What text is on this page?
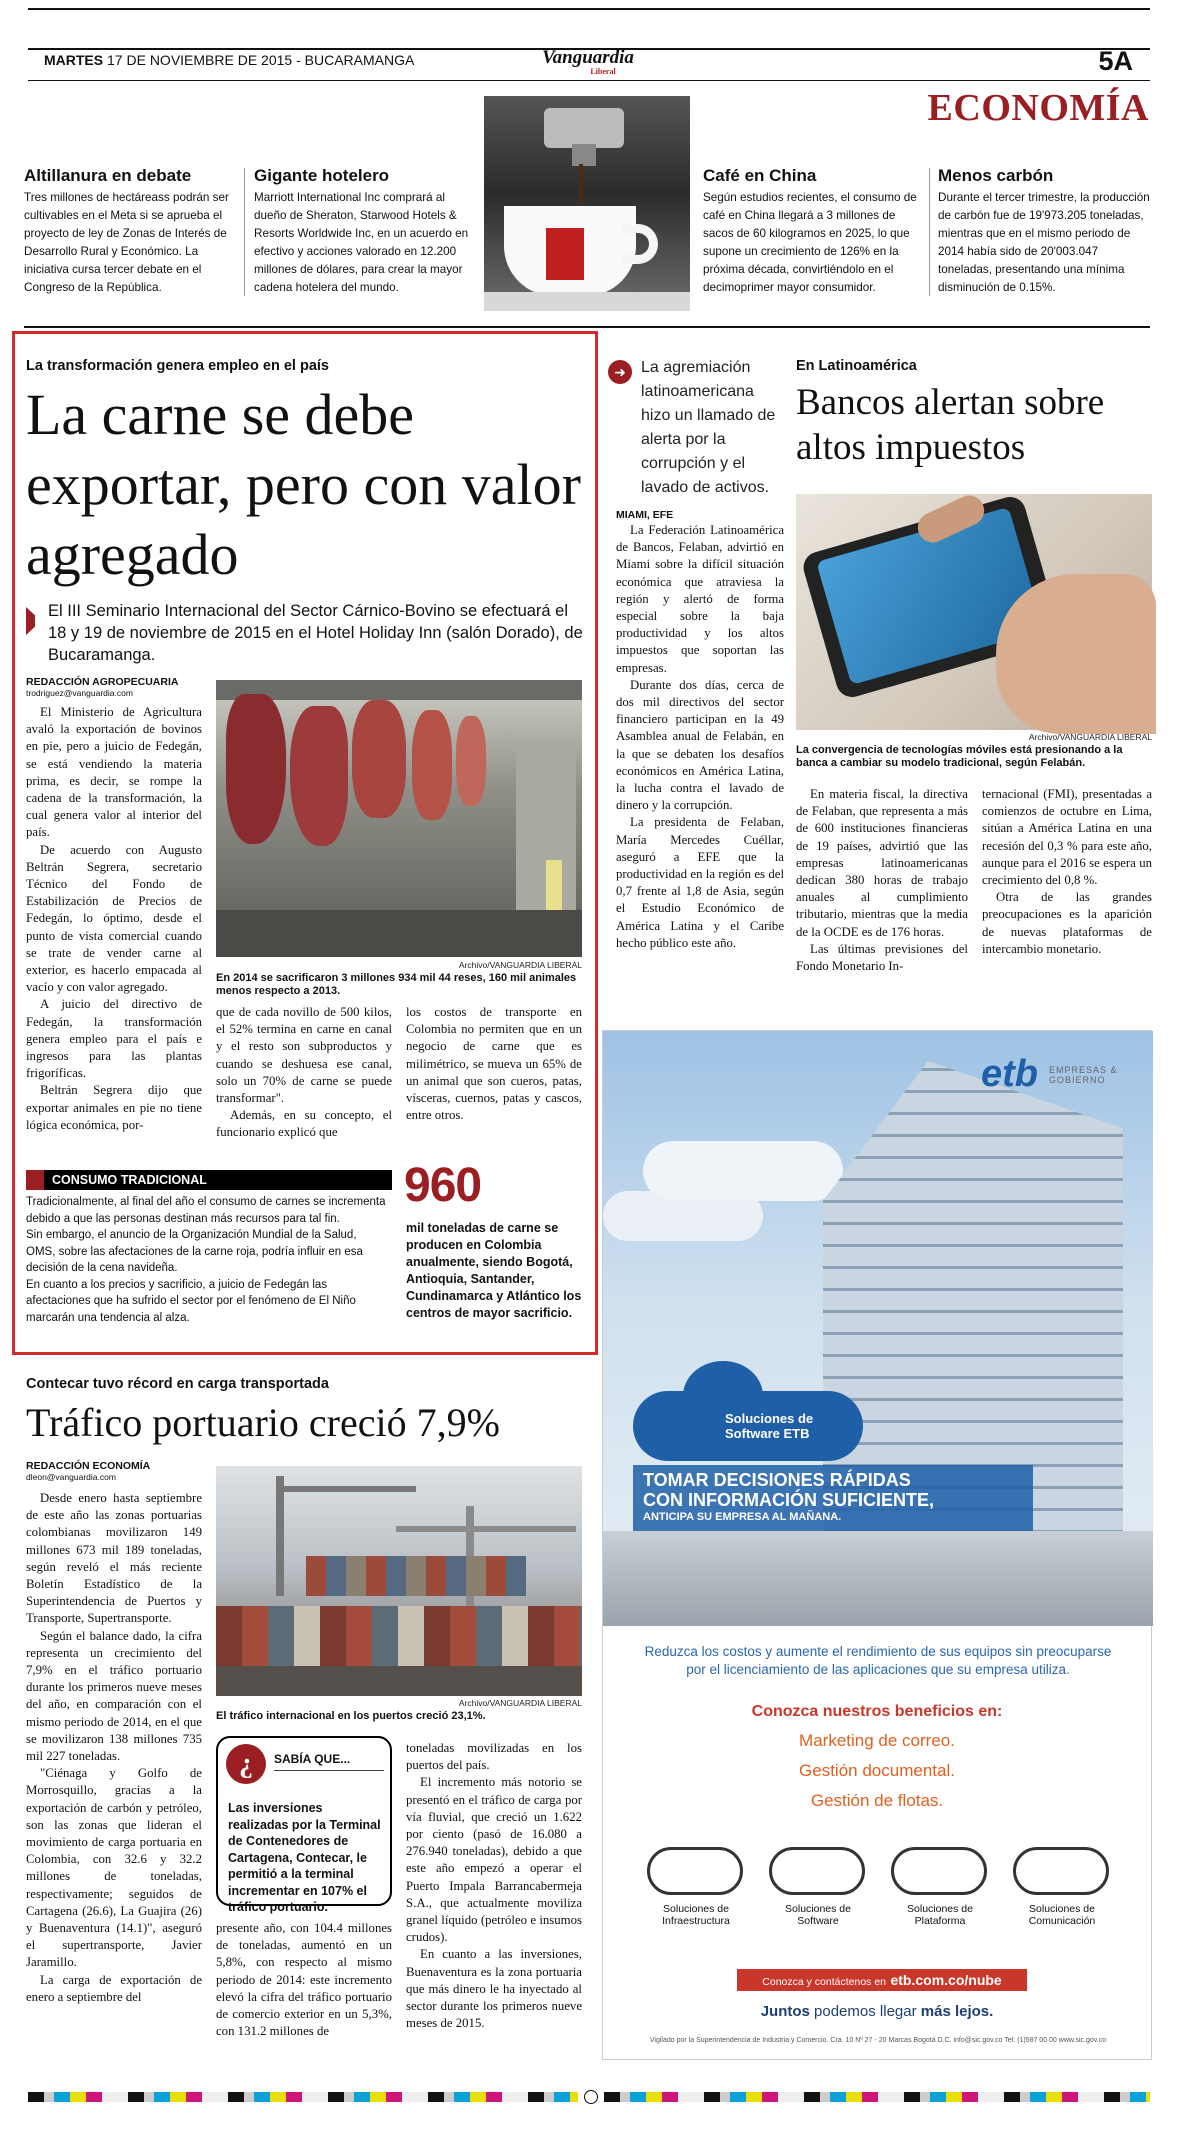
MARTES 17 DE NOVIEMBRE DE 2015 - BUCARAMANGA	Vanguardia
Liberal	5A
ECONOMÍA
Altillanura en debate
Tres millones de hectáreass podrán ser cultivables en el Meta si se aprueba el proyecto de ley de Zonas de Interés de Desarrollo Rural y Económico. La iniciativa cursa tercer debate en el Congreso de la República.
Gigante hotelero
Marriott International Inc comprará al dueño de Sheraton, Starwood Hotels & Resorts Worldwide Inc, en un acuerdo en efectivo y acciones valorado en 12.200 millones de dólares, para crear la mayor cadena hotelera del mundo.
Café en China
Según estudios recientes, el consumo de café en China llegará a 3 millones de sacos de 60 kilogramos en 2025, lo que supone un crecimiento de 126% en la próxima década, convirtiéndolo en el decimoprimer mayor consumidor.
Menos carbón
Durante el tercer trimestre, la producción de carbón fue de 19'973.205 toneladas, mientras que en el mismo periodo de 2014 había sido de 20'003.047 toneladas, presentando una mínima disminución de 0.15%.
La transformación genera empleo en el país
La carne se debe exportar, pero con valor agregado
El III Seminario Internacional del Sector Cárnico-Bovino se efectuará el 18 y 19 de noviembre de 2015 en el Hotel Holiday Inn (salón Dorado), de Bucaramanga.
REDACCIÓN AGROPECUARIA
trodriguez@vanguardia.com

El Ministerio de Agricultura avaló la exportación de bovinos en pie, pero a juicio de Fedegán, se está vendiendo la materia prima, es decir, se rompe la cadena de la transformación, la cual genera valor al interior del país.

De acuerdo con Augusto Beltrán Segrera, secretario Técnico del Fondo de Estabilización de Precios de Fedegán, lo óptimo, desde el punto de vista comercial cuando se trate de vender carne al exterior, es hacerlo empacada al vacío y con valor agregado.

A juicio del directivo de Fedegán, la transformación genera empleo para el país e ingresos para las plantas frigoríficas.

Beltrán Segrera dijo que exportar animales en pie no tiene lógica económica, por-

Archivo/VANGUARDIA LIBERAL
En 2014 se sacrificaron 3 millones 934 mil 44 reses, 160 mil animales menos respecto a 2013.

que de cada novillo de 500 kilos, el 52% termina en carne en canal y el resto son subproductos y cuando se deshuesa ese canal, solo un 70% de carne se puede transformar".

Además, en su concepto, el funcionario explicó que

los costos de transporte en Colombia no permiten que en un negocio de carne que es milimétrico, se mueva un 65% de un animal que son cueros, patas, vísceras, cuernos, patas y cascos, entre otros.

CONSUMO TRADICIONAL
Tradicionalmente, al final del año el consumo de carnes se incrementa debido a que las personas destinan más recursos para tal fin.
Sin embargo, el anuncio de la Organización Mundial de la Salud, OMS, sobre las afectaciones de la carne roja, podría influir en esa decisión de la cena navideña.
En cuanto a los precios y sacrificio, a juicio de Fedegán las afectaciones que ha sufrido el sector por el fenómeno de El Niño marcarán una tendencia al alza.
960
mil toneladas de carne se producen en Colombia anualmente, siendo Bogotá, Antioquia, Santander, Cundinamarca y Atlántico los centros de mayor sacrificio.
➜ La agremiación latinoamericana hizo un llamado de alerta por la corrupción y el lavado de activos.
MIAMI, EFE

La Federación Latinoamérica de Bancos, Felaban, advirtió en Miami sobre la difícil situación económica que atraviesa la región y alertó de forma especial sobre la baja productividad y los altos impuestos que soportan las empresas.

Durante dos días, cerca de dos mil directivos del sector financiero participan en la 49 Asamblea anual de Felabán, en la que se debaten los desafíos económicos en América Latina, la lucha contra el lavado de dinero y la corrupción.

La presidenta de Felaban, María Mercedes Cuéllar, aseguró a EFE que la productividad en la región es del 0,7 frente al 1,8 de Asia, según el Estudio Económico de América Latina y el Caribe hecho público este año.

En Latinoamérica
Bancos alertan sobre altos impuestos
Archivo/VANGUARDIA LIBERAL
La convergencia de tecnologías móviles está presionando a la banca a cambiar su modelo tradicional, según Felabán.

En materia fiscal, la directiva de Felaban, que representa a más de 600 instituciones financieras de 19 países, advirtió que las empresas latinoamericanas dedican 380 horas de trabajo anuales al cumplimiento tributario, mientras que la media de la OCDE es de 176 horas.

Las últimas previsiones del Fondo Monetario In-

ternacional (FMI), presentadas a comienzos de octubre en Lima, sitúan a América Latina en una recesión del 0,3 % para este año, aunque para el 2016 se espera un crecimiento del 0,8 %.

Otra de las grandes preocupaciones es la aparición de nuevas plataformas de intercambio monetario.

etb EMPRESAS & GOBIERNO
Soluciones de Software ETB
TOMAR DECISIONES RÁPIDAS
CON INFORMACIÓN SUFICIENTE,
ANTICIPA SU EMPRESA AL MAÑANA.
Reduzca los costos y aumente el rendimiento de sus equipos sin preocuparse por el licenciamiento de las aplicaciones que su empresa utiliza.
Conozca nuestros beneficios en:
Marketing de correo.
Gestión documental.
Gestión de flotas.
Soluciones de Infraestructura
Soluciones de Software
Soluciones de Plataforma
Soluciones de Comunicación
Conozca y contáctenos en etb.com.co/nube
Juntos podemos llegar más lejos.
Vigilado por la Superintendencia de Industria y Comercio. Cra. 10 Nº 27 - 20 Marcas Bogotá D.C. info@sic.gov.co Tel: (1)587 00 00 www.sic.gov.co
Contecar tuvo récord en carga transportada
Tráfico portuario creció 7,9%
REDACCIÓN ECONOMÍA
dleon@vanguardia.com

Desde enero hasta septiembre de este año las zonas portuarias colombianas movilizaron 149 millones 673 mil 189 toneladas, según reveló el más reciente Boletín Estadístico de la Superintendencia de Puertos y Transporte, Supertransporte.

Según el balance dado, la cifra representa un crecimiento del 7,9% en el tráfico portuario durante los primeros nueve meses del año, en comparación con el mismo periodo de 2014, en el que se movilizaron 138 millones 735 mil 227 toneladas.

"Ciénaga y Golfo de Morrosquillo, gracias a la exportación de carbón y petróleo, son las zonas que lideran el movimiento de carga portuaria en Colombia, con 32.6 y 32.2 millones de toneladas, respectivamente; seguidos de Cartagena (26.6), La Guajira (26) y Buenaventura (14.1)", aseguró el supertransporte, Javier Jaramillo.

La carga de exportación de enero a septiembre del

Archivo/VANGUARDIA LIBERAL
El tráfico internacional en los puertos creció 23,1%.
¿	SABÍA QUE...
Las inversiones realizadas por la Terminal de Contenedores de Cartagena, Contecar, le permitió a la terminal incrementar en 107% el tráfico portuario.

presente año, con 104.4 millones de toneladas, aumentó en un 5,8%, con respecto al mismo periodo de 2014: este incremento elevó la cifra del tráfico portuario de comercio exterior en un 5,3%, con 131.2 millones de

toneladas movilizadas en los puertos del país.

El incremento más notorio se presentó en el tráfico de carga por vía fluvial, que creció un 1.622 por ciento (pasó de 16.080 a 276.940 toneladas), debido a que este año empezó a operar el Puerto Impala Barrancabermeja S.A., que actualmente moviliza granel líquido (petróleo e insumos crudos).

En cuanto a las inversiones, Buenaventura es la zona portuaria que más dinero le ha inyectado al sector durante los primeros nueve meses de 2015.
